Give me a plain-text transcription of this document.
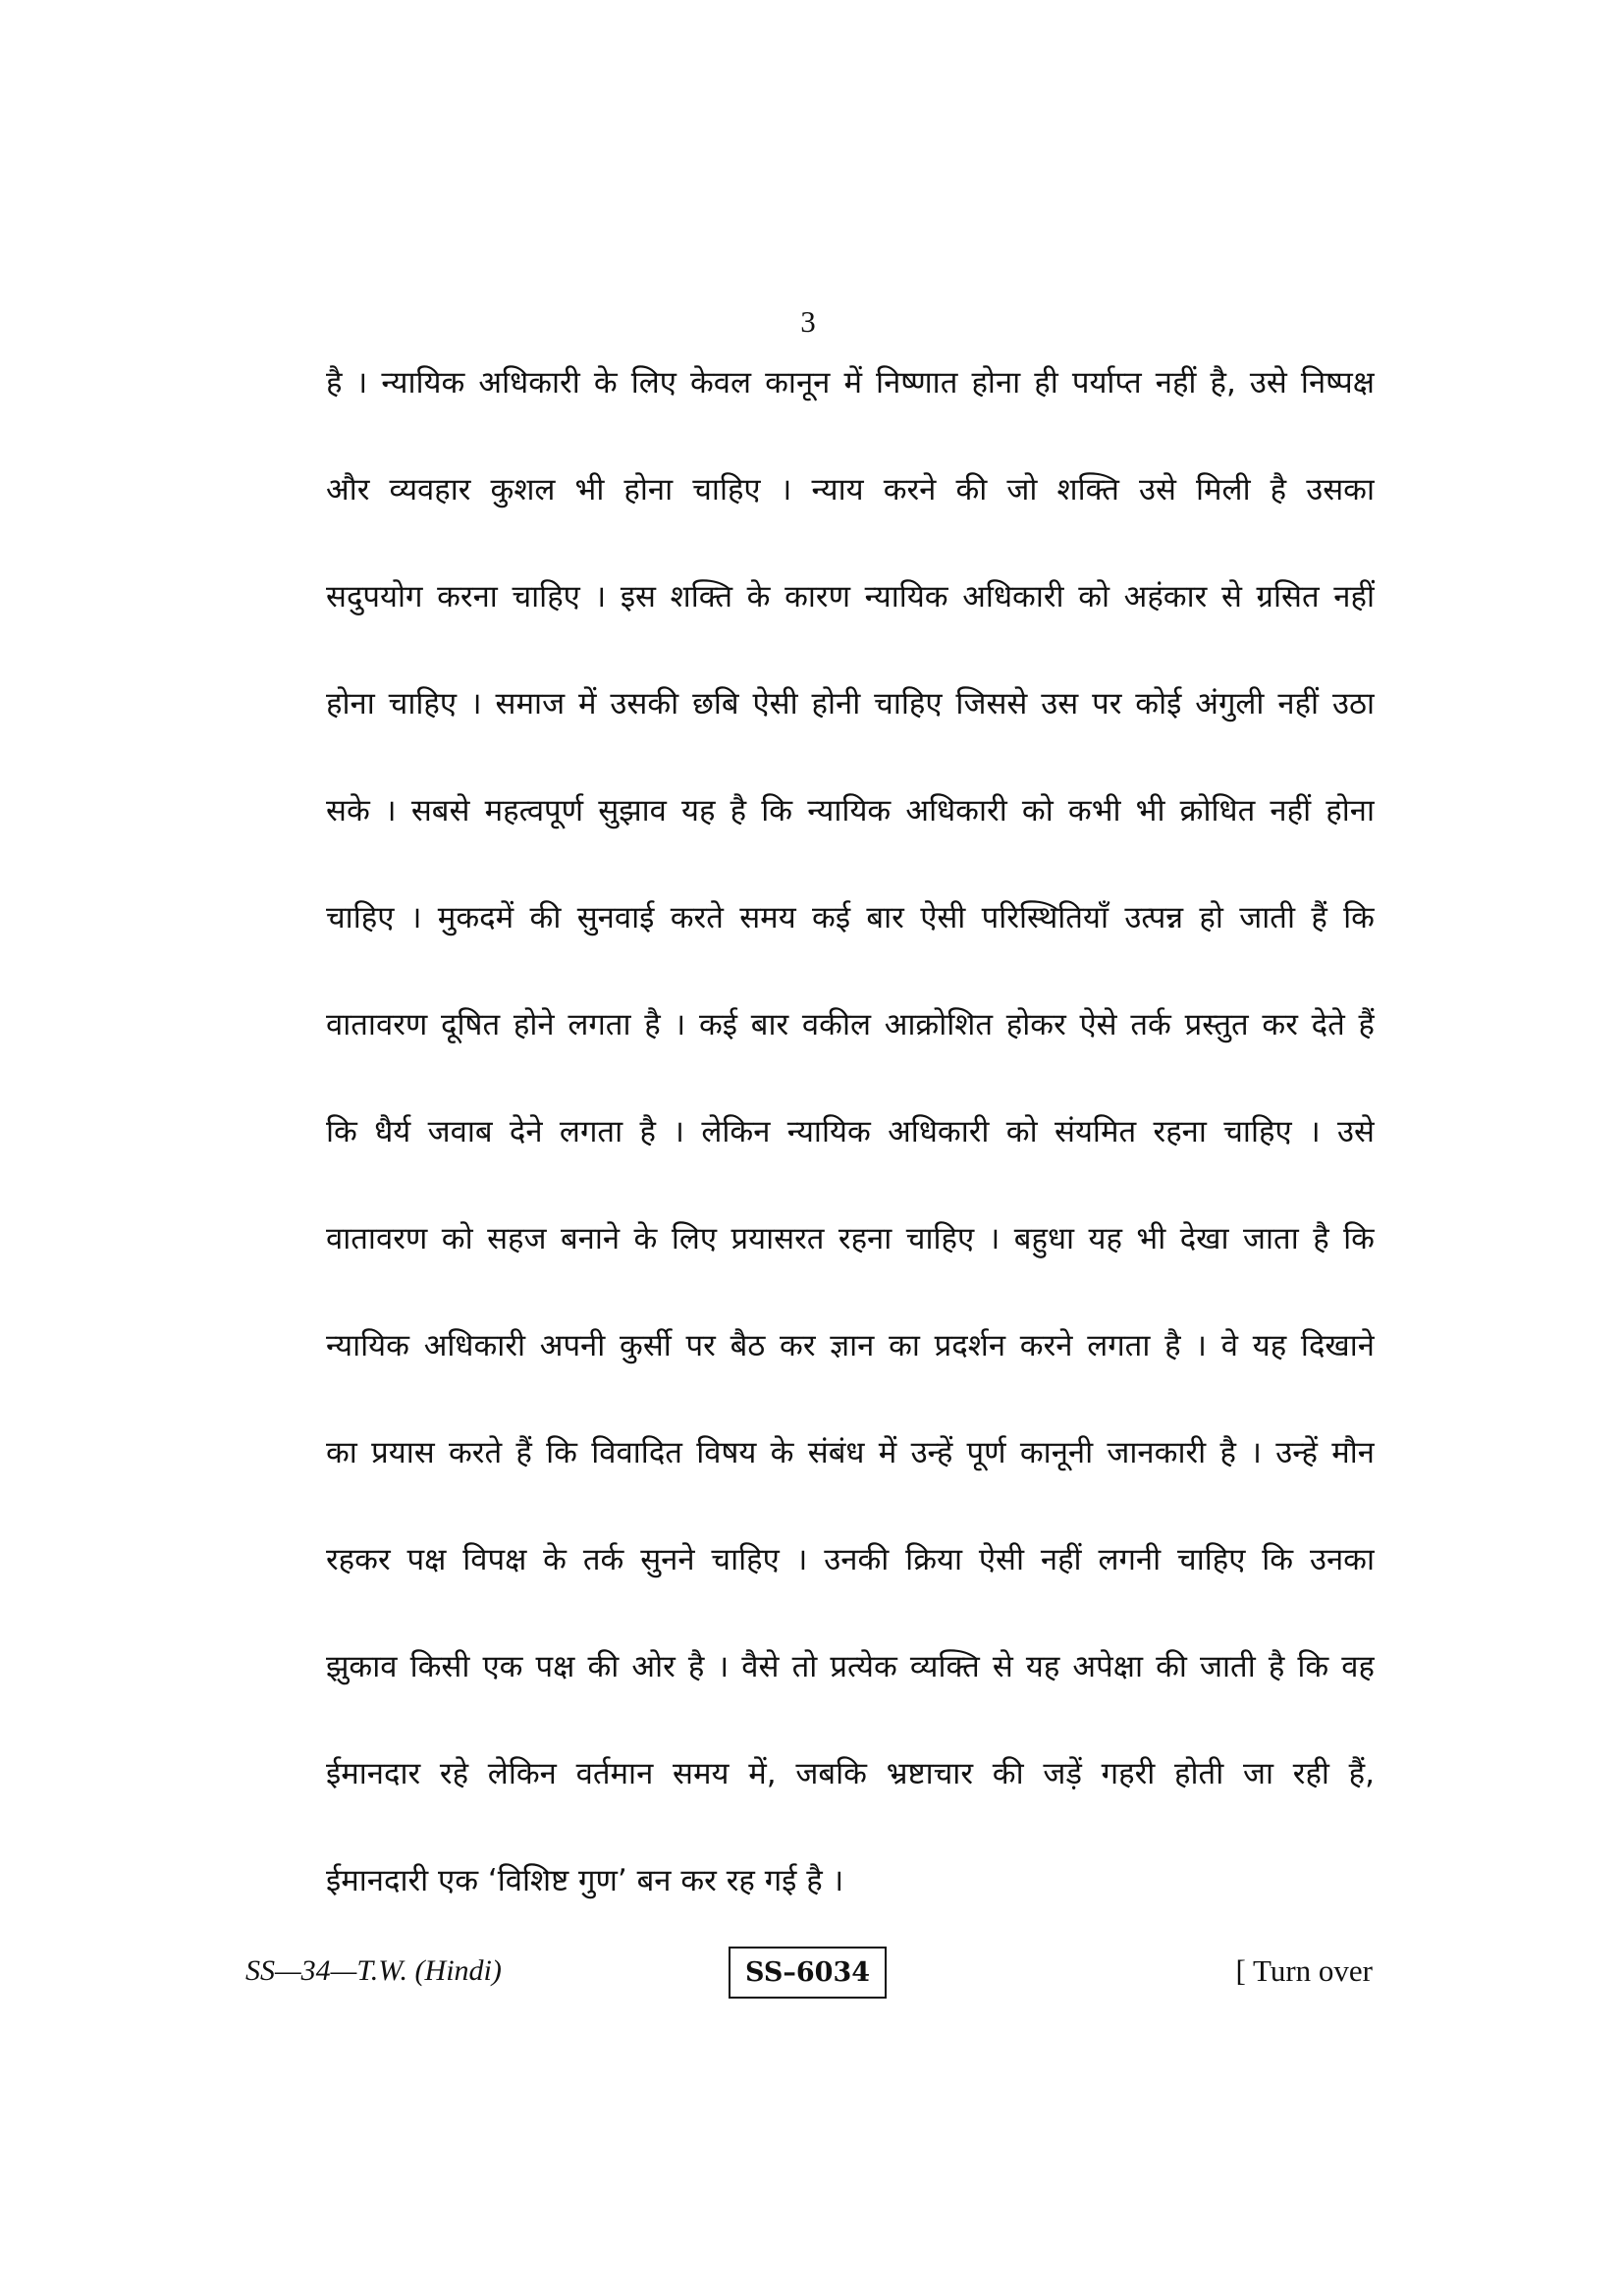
3
है । न्यायिक अधिकारी के लिए केवल कानून में निष्णात होना ही पर्याप्त नहीं है, उसे निष्पक्ष
और व्यवहार कुशल भी होना चाहिए । न्याय करने की जो शक्ति उसे मिली है उसका
सदुपयोग करना चाहिए । इस शक्ति के कारण न्यायिक अधिकारी को अहंकार से ग्रसित नहीं
होना चाहिए । समाज में उसकी छबि ऐसी होनी चाहिए जिससे उस पर कोई अंगुली नहीं उठा
सके । सबसे महत्वपूर्ण सुझाव यह है कि न्यायिक अधिकारी को कभी भी क्रोधित नहीं होना
चाहिए । मुकदमें की सुनवाई करते समय कई बार ऐसी परिस्थितियाँ उत्पन्न हो जाती हैं कि
वातावरण दूषित होने लगता है । कई बार वकील आक्रोशित होकर ऐसे तर्क प्रस्तुत कर देते हैं
कि धैर्य जवाब देने लगता है । लेकिन न्यायिक अधिकारी को संयमित रहना चाहिए । उसे
वातावरण को सहज बनाने के लिए प्रयासरत रहना चाहिए । बहुधा यह भी देखा जाता है कि
न्यायिक अधिकारी अपनी कुर्सी पर बैठ कर ज्ञान का प्रदर्शन करने लगता है । वे यह दिखाने
का प्रयास करते हैं कि विवादित विषय के संबंध में उन्हें पूर्ण कानूनी जानकारी है । उन्हें मौन
रहकर पक्ष विपक्ष के तर्क सुनने चाहिए । उनकी क्रिया ऐसी नहीं लगनी चाहिए कि उनका
झुकाव किसी एक पक्ष की ओर है । वैसे तो प्रत्येक व्यक्ति से यह अपेक्षा की जाती है कि वह
ईमानदार रहे लेकिन वर्तमान समय में, जबकि भ्रष्टाचार की जड़ें गहरी होती जा रही हैं,
ईमानदारी एक ‘विशिष्ट गुण’ बन कर रह गई है ।
SS—34—T.W. (Hindi)	SS–6034	[ Turn over
